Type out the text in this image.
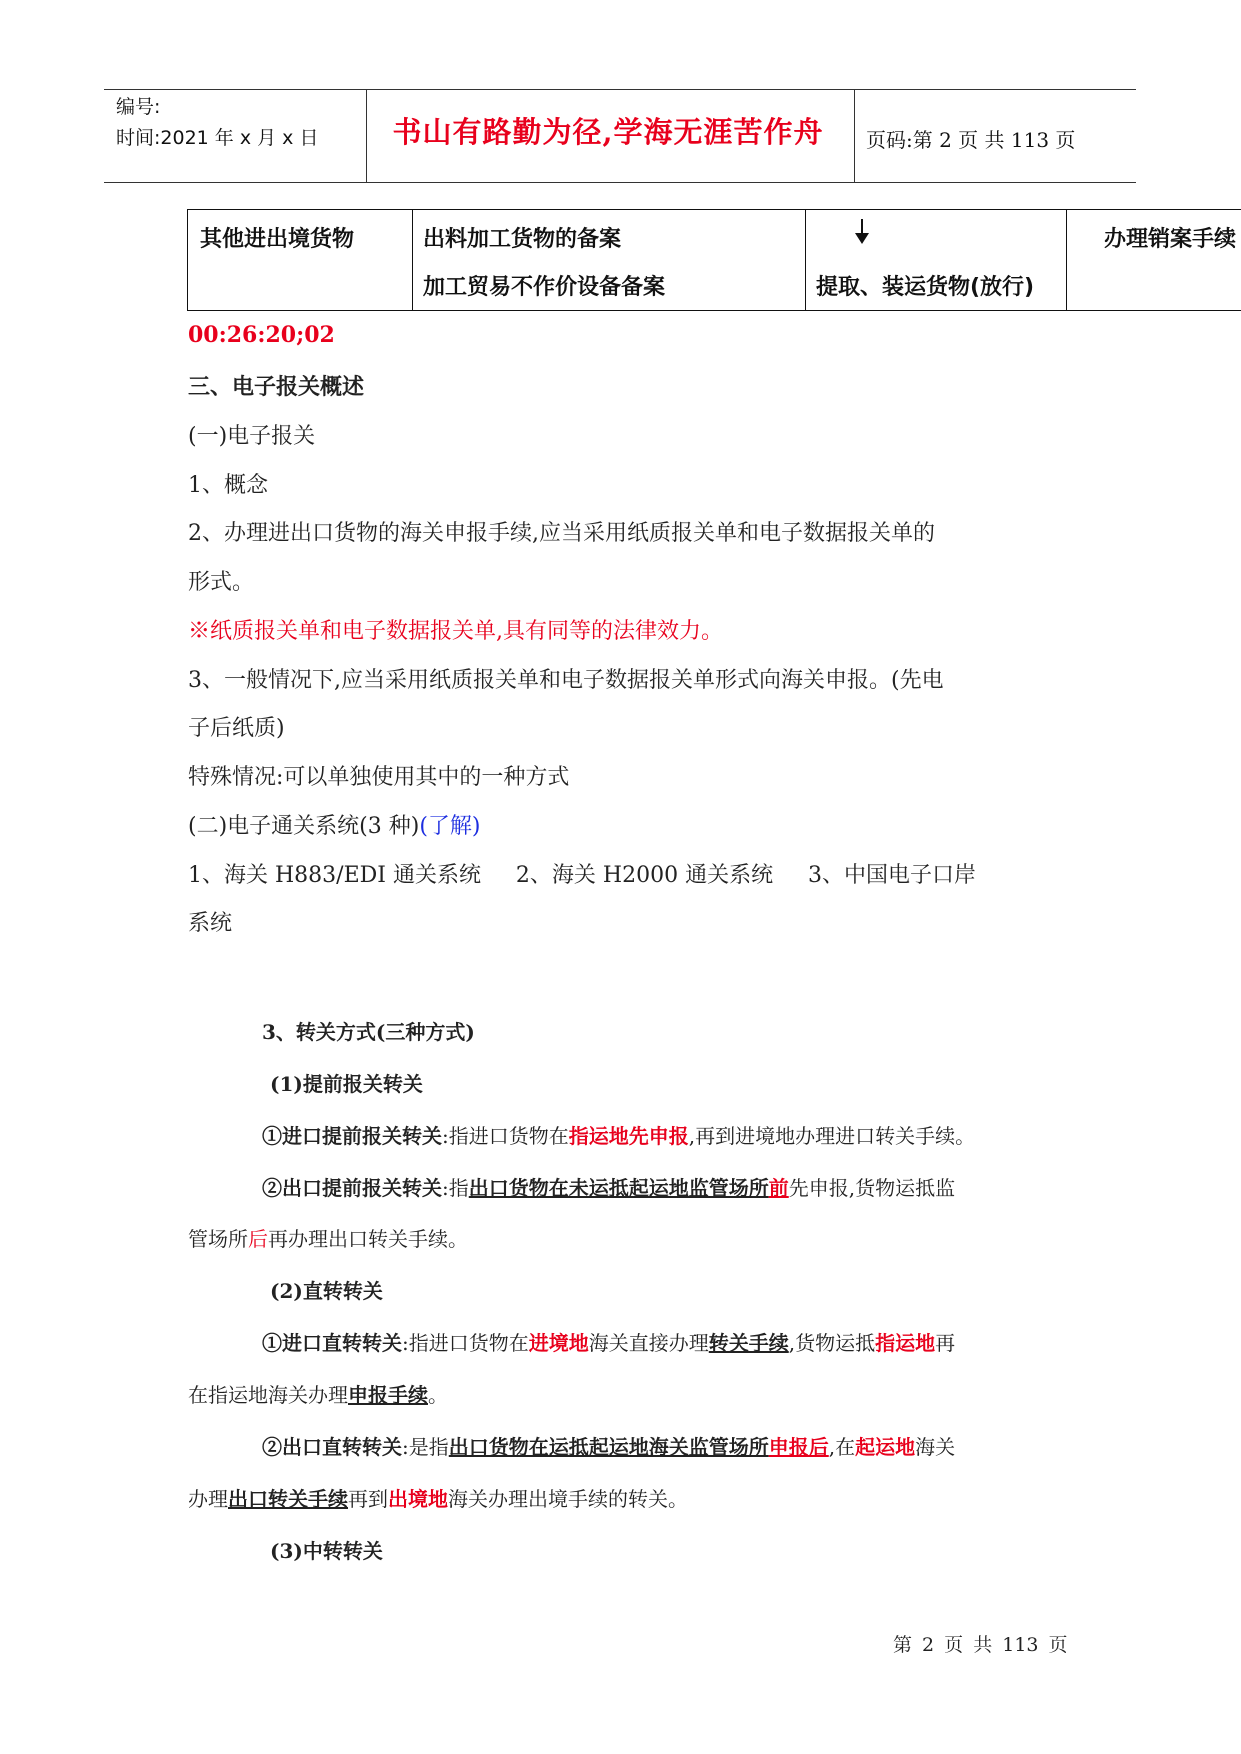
编号:
时间:2021 年 x 月 x 日	书山有路勤为径,学海无涯苦作舟	页码:第 2 页 共 113 页
其他进出境货物	出料加工货物的备案
加工贸易不作价设备备案	提取、装运货物(放行)
办理销案手续
00:26:20;02
三、电子报关概述
(一)电子报关
1、概念
2、办理进出口货物的海关申报手续,应当采用纸质报关单和电子数据报关单的
形式。
※纸质报关单和电子数据报关单,具有同等的法律效力。
3、一般情况下,应当采用纸质报关单和电子数据报关单形式向海关申报。(先电
子后纸质)
特殊情况:可以单独使用其中的一种方式
(二)电子通关系统(3 种)(了解)
1、海关 H883/EDI 通关系统     2、海关 H2000 通关系统     3、中国电子口岸
系统
3、转关方式(三种方式)
(1)提前报关转关
①进口提前报关转关:指进口货物在指运地先申报,再到进境地办理进口转关手续。
②出口提前报关转关:指出口货物在未运抵起运地监管场所前先申报,货物运抵监
管场所后再办理出口转关手续。
(2)直转转关
①进口直转转关:指进口货物在进境地海关直接办理转关手续,货物运抵指运地再
在指运地海关办理申报手续。
②出口直转转关:是指出口货物在运抵起运地海关监管场所申报后,在起运地海关
办理出口转关手续再到出境地海关办理出境手续的转关。
(3)中转转关
第 2 页 共 113 页
